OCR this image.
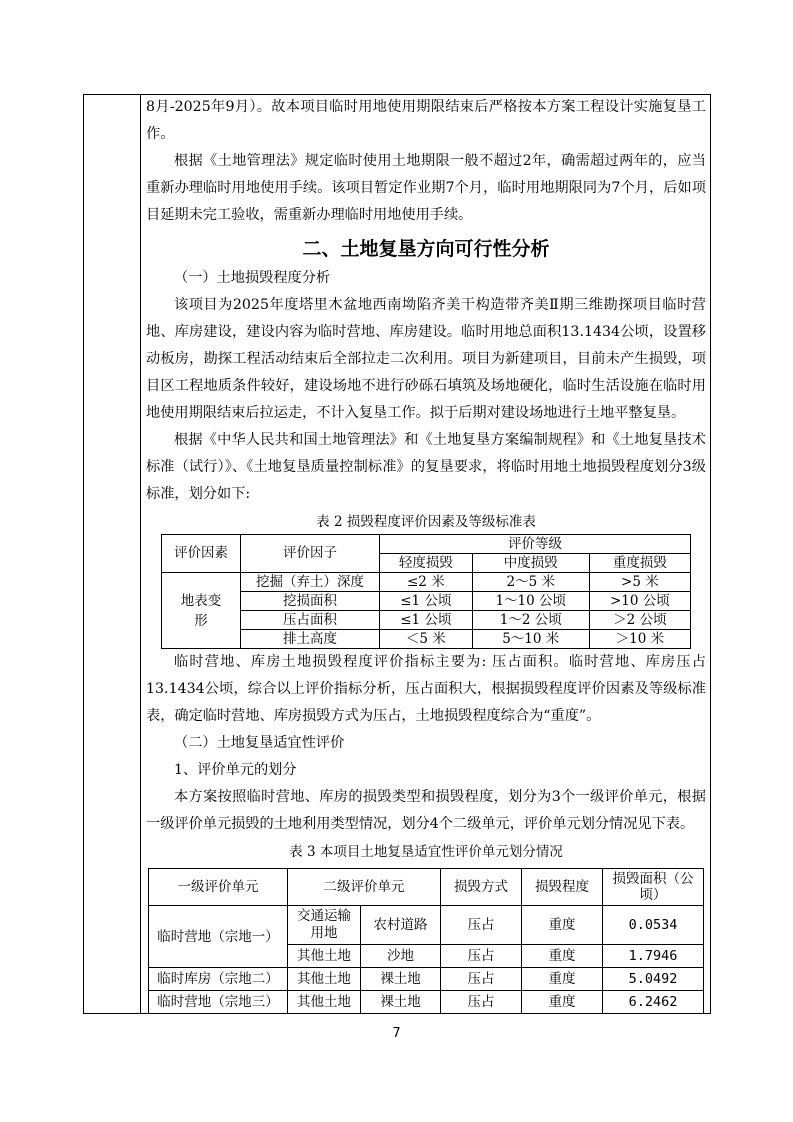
8月-2025年9月）。故本项目临时用地使用期限结束后严格按本方案工程设计实施复垦工作。

根据《土地管理法》规定临时使用土地期限一般不超过2年，确需超过两年的，应当重新办理临时用地使用手续。该项目暂定作业期7个月，临时用地期限同为7个月，后如项目延期未完工验收，需重新办理临时用地使用手续。

二、土地复垦方向可行性分析

（一）土地损毁程度分析

该项目为2025年度塔里木盆地西南坳陷齐美干构造带齐美Ⅱ期三维勘探项目临时营地、库房建设，建设内容为临时营地、库房建设。临时用地总面积13.1434公顷，设置移动板房，勘探工程活动结束后全部拉走二次利用。项目为新建项目，目前未产生损毁，项目区工程地质条件较好，建设场地不进行砂砾石填筑及场地硬化，临时生活设施在临时用地使用期限结束后拉运走，不计入复垦工作。拟于后期对建设场地进行土地平整复垦。

根据《中华人民共和国土地管理法》和《土地复垦方案编制规程》和《土地复垦技术标准（试行）》、《土地复垦质量控制标准》的复垦要求，将临时用地土地损毁程度划分3级标准，划分如下:

表 2 损毁程度评价因素及等级标准表
评价因素	评价因子	评价等级		
		轻度损毁	中度损毁	重度损毁
地表变形	挖掘（弃土）深度	≤2 米	2～5 米	>5 米
	挖损面积	≤1 公顷	1～10 公顷	>10 公顷
	压占面积	≤1 公顷	1～2 公顷	＞2 公顷
	排土高度	＜5 米	5～10 米	＞10 米

临时营地、库房土地损毁程度评价指标主要为: 压占面积。临时营地、库房压占13.1434公顷，综合以上评价指标分析，压占面积大，根据损毁程度评价因素及等级标准表，确定临时营地、库房损毁方式为压占，土地损毁程度综合为“重度”。

（二）土地复垦适宜性评价

1、评价单元的划分

本方案按照临时营地、库房的损毁类型和损毁程度，划分为3个一级评价单元，根据一级评价单元损毁的土地利用类型情况，划分4个二级单元，评价单元划分情况见下表。

表 3 本项目土地复垦适宜性评价单元划分情况
一级评价单元	二级评价单元		损毁方式	损毁程度	损毁面积（公顷）
临时营地（宗地一）	交通运输用地	农村道路	压占	重度	0.0534
	其他土地	沙地	压占	重度	1.7946
临时库房（宗地二）	其他土地	裸土地	压占	重度	5.0492
临时营地（宗地三）	其他土地	裸土地	压占	重度	6.2462
7
